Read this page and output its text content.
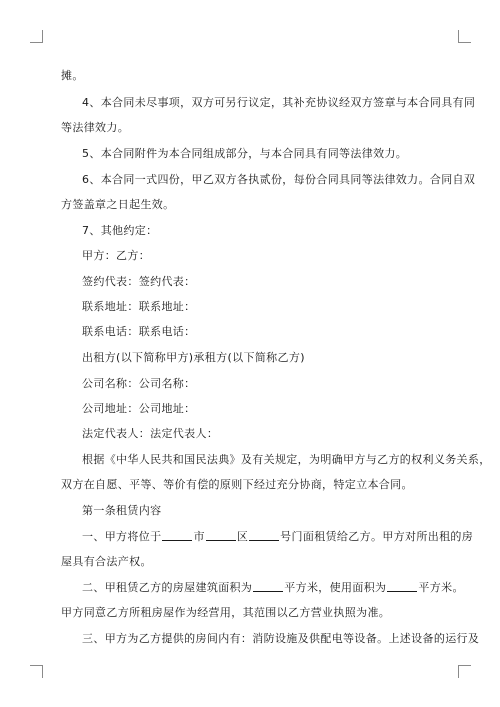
摊。
4、本合同未尽事项，双方可另行议定，其补充协议经双方签章与本合同具有同
等法律效力。
5、本合同附件为本合同组成部分，与本合同具有同等法律效力。
6、本合同一式四份，甲乙双方各执贰份，每份合同具同等法律效力。合同自双
方签盖章之日起生效。
7、其他约定：
甲方：乙方：
签约代表：签约代表：
联系地址：联系地址：
联系电话：联系电话：
出租方(以下简称甲方)承租方(以下简称乙方)
公司名称：公司名称：
公司地址：公司地址：
法定代表人：法定代表人：
根据《中华人民共和国民法典》及有关规定，为明确甲方与乙方的权利义务关系，
双方在自愿、平等、等价有偿的原则下经过充分协商，特定立本合同。
第一条租赁内容
一、甲方将位于	市	区	号门面租赁给乙方。甲方对所出租的房
屋具有合法产权。
二、甲租赁乙方的房屋建筑面积为	平方米，使用面积为	平方米。
甲方同意乙方所租房屋作为经营用，其范围以乙方营业执照为准。
三、甲方为乙方提供的房间内有：消防设施及供配电等设备。上述设备的运行及
